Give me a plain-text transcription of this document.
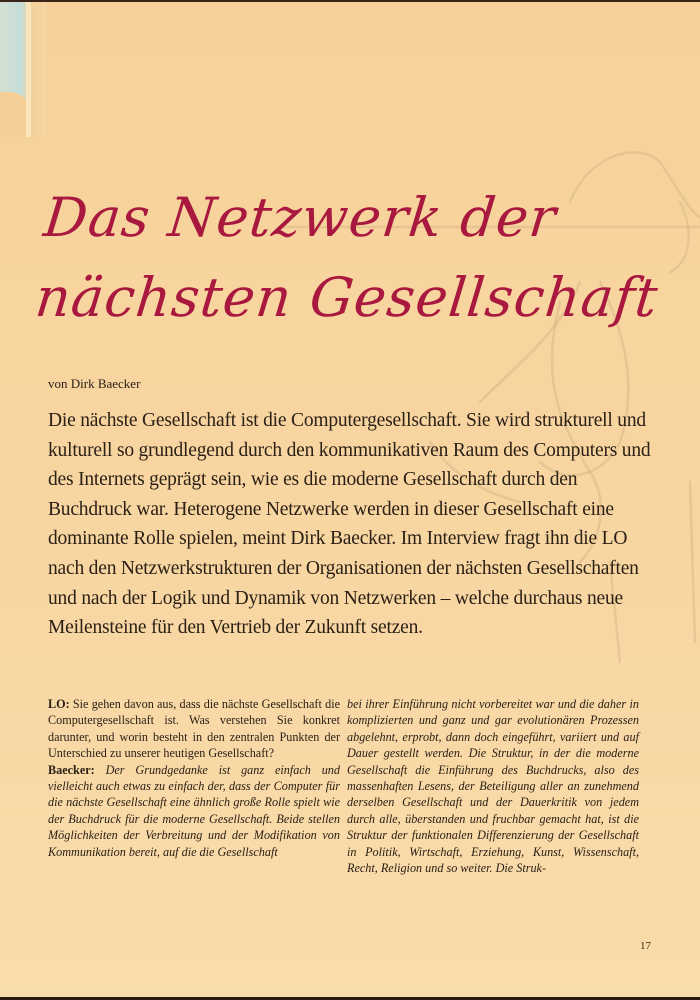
Das Netzwerk der
nächsten Gesellschaft
von Dirk Baecker

Die nächste Gesellschaft ist die Computergesellschaft. Sie wird strukturell und kulturell so grundlegend durch den kommunikativen Raum des Computers und des Internets geprägt sein, wie es die moderne Gesellschaft durch den Buchdruck war. Heterogene Netzwerke werden in dieser Gesellschaft eine dominante Rolle spielen, meint Dirk Baecker. Im Interview fragt ihn die LO nach den Netzwerkstrukturen der Organisationen der nächsten Gesellschaften und nach der Logik und Dynamik von Netzwerken – welche durchaus neue Meilensteine für den Vertrieb der Zukunft setzen.

LO: Sie gehen davon aus, dass die nächste Gesellschaft die Computergesellschaft ist. Was verstehen Sie konkret darunter, und worin besteht in den zentralen Punkten der Unterschied zu unserer heutigen Gesellschaft?

Baecker: Der Grundgedanke ist ganz einfach und vielleicht auch etwas zu einfach der, dass der Computer für die nächste Gesellschaft eine ähnlich große Rolle spielt wie der Buchdruck für die moderne Gesellschaft. Beide stellen Möglichkeiten der Verbreitung und der Modifikation von Kommunikation bereit, auf die die Gesellschaft

bei ihrer Einführung nicht vorbereitet war und die daher in komplizierten und ganz und gar evolutionären Prozessen abgelehnt, erprobt, dann doch eingeführt, variiert und auf Dauer gestellt werden. Die Struktur, in der die moderne Gesellschaft die Einführung des Buchdrucks, also des massenhaften Lesens, der Beteiligung aller an zunehmend derselben Gesellschaft und der Dauerkritik von jedem durch alle, überstanden und fruchbar gemacht hat, ist die Struktur der funktionalen Differenzierung der Gesellschaft in Politik, Wirtschaft, Erziehung, Kunst, Wissenschaft, Recht, Religion und so weiter. Die Struk-

17
